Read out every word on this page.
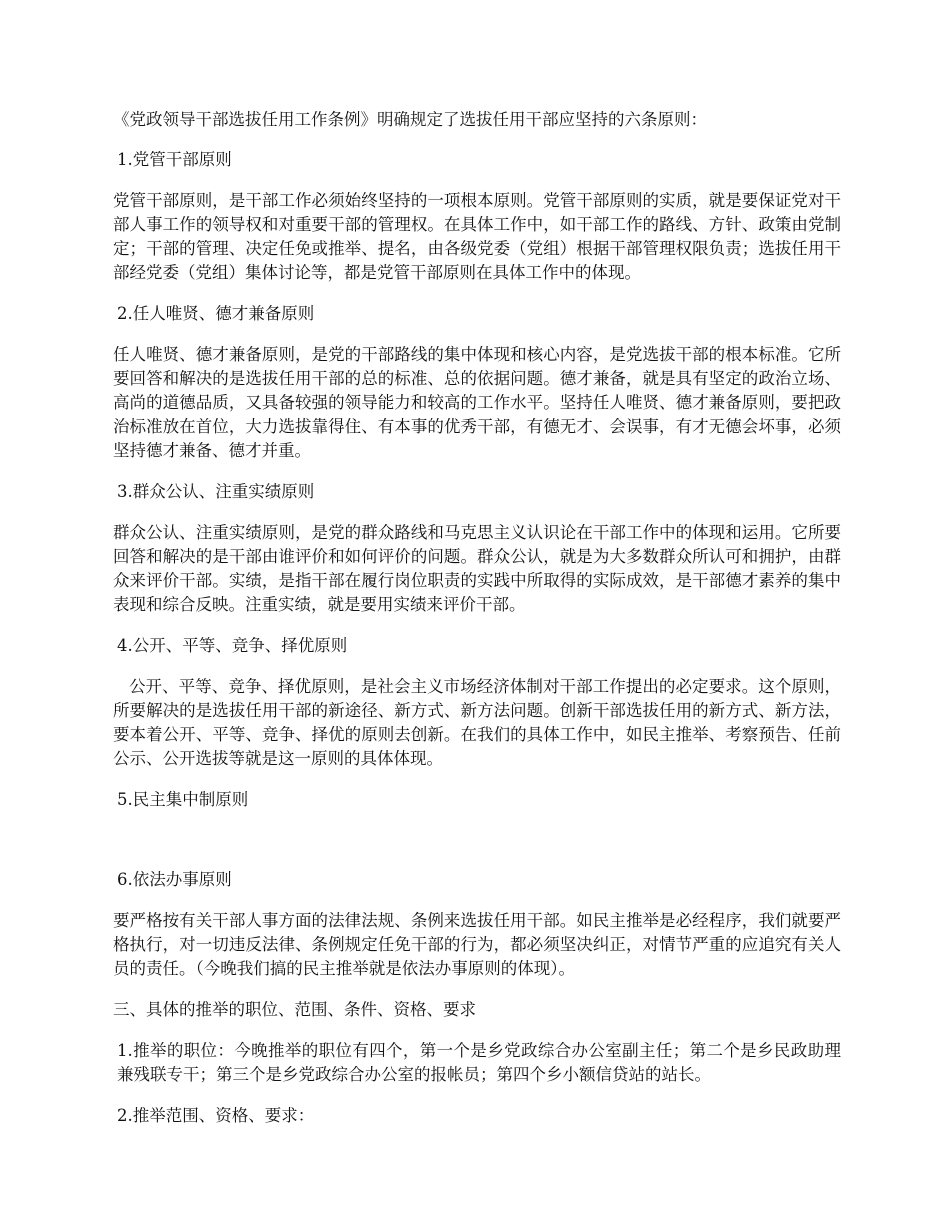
《党政领导干部选拔任用工作条例》明确规定了选拔任用干部应坚持的六条原则：

1.党管干部原则

党管干部原则，是干部工作必须始终坚持的一项根本原则。党管干部原则的实质，就是要保证党对干部人事工作的领导权和对重要干部的管理权。在具体工作中，如干部工作的路线、方针、政策由党制定；干部的管理、决定任免或推举、提名，由各级党委（党组）根据干部管理权限负责；选拔任用干部经党委（党组）集体讨论等，都是党管干部原则在具体工作中的体现。

2.任人唯贤、德才兼备原则

任人唯贤、德才兼备原则，是党的干部路线的集中体现和核心内容，是党选拔干部的根本标准。它所要回答和解决的是选拔任用干部的总的标准、总的依据问题。德才兼备，就是具有坚定的政治立场、高尚的道德品质，又具备较强的领导能力和较高的工作水平。坚持任人唯贤、德才兼备原则，要把政治标准放在首位，大力选拔靠得住、有本事的优秀干部，有德无才、会误事，有才无德会坏事，必须坚持德才兼备、德才并重。

3.群众公认、注重实绩原则

群众公认、注重实绩原则，是党的群众路线和马克思主义认识论在干部工作中的体现和运用。它所要回答和解决的是干部由谁评价和如何评价的问题。群众公认，就是为大多数群众所认可和拥护，由群众来评价干部。实绩，是指干部在履行岗位职责的实践中所取得的实际成效，是干部德才素养的集中表现和综合反映。注重实绩，就是要用实绩来评价干部。

4.公开、平等、竞争、择优原则

公开、平等、竞争、择优原则，是社会主义市场经济体制对干部工作提出的必定要求。这个原则，所要解决的是选拔任用干部的新途径、新方式、新方法问题。创新干部选拔任用的新方式、新方法，要本着公开、平等、竞争、择优的原则去创新。在我们的具体工作中，如民主推举、考察预告、任前公示、公开选拔等就是这一原则的具体体现。

5.民主集中制原则

6.依法办事原则

要严格按有关干部人事方面的法律法规、条例来选拔任用干部。如民主推举是必经程序，我们就要严格执行，对一切违反法律、条例规定任免干部的行为，都必须坚决纠正，对情节严重的应追究有关人员的责任。（今晚我们搞的民主推举就是依法办事原则的体现）。

三、具体的推举的职位、范围、条件、资格、要求

1.推举的职位：今晚推举的职位有四个，第一个是乡党政综合办公室副主任；第二个是乡民政助理兼残联专干；第三个是乡党政综合办公室的报帐员；第四个乡小额信贷站的站长。

2.推举范围、资格、要求：
